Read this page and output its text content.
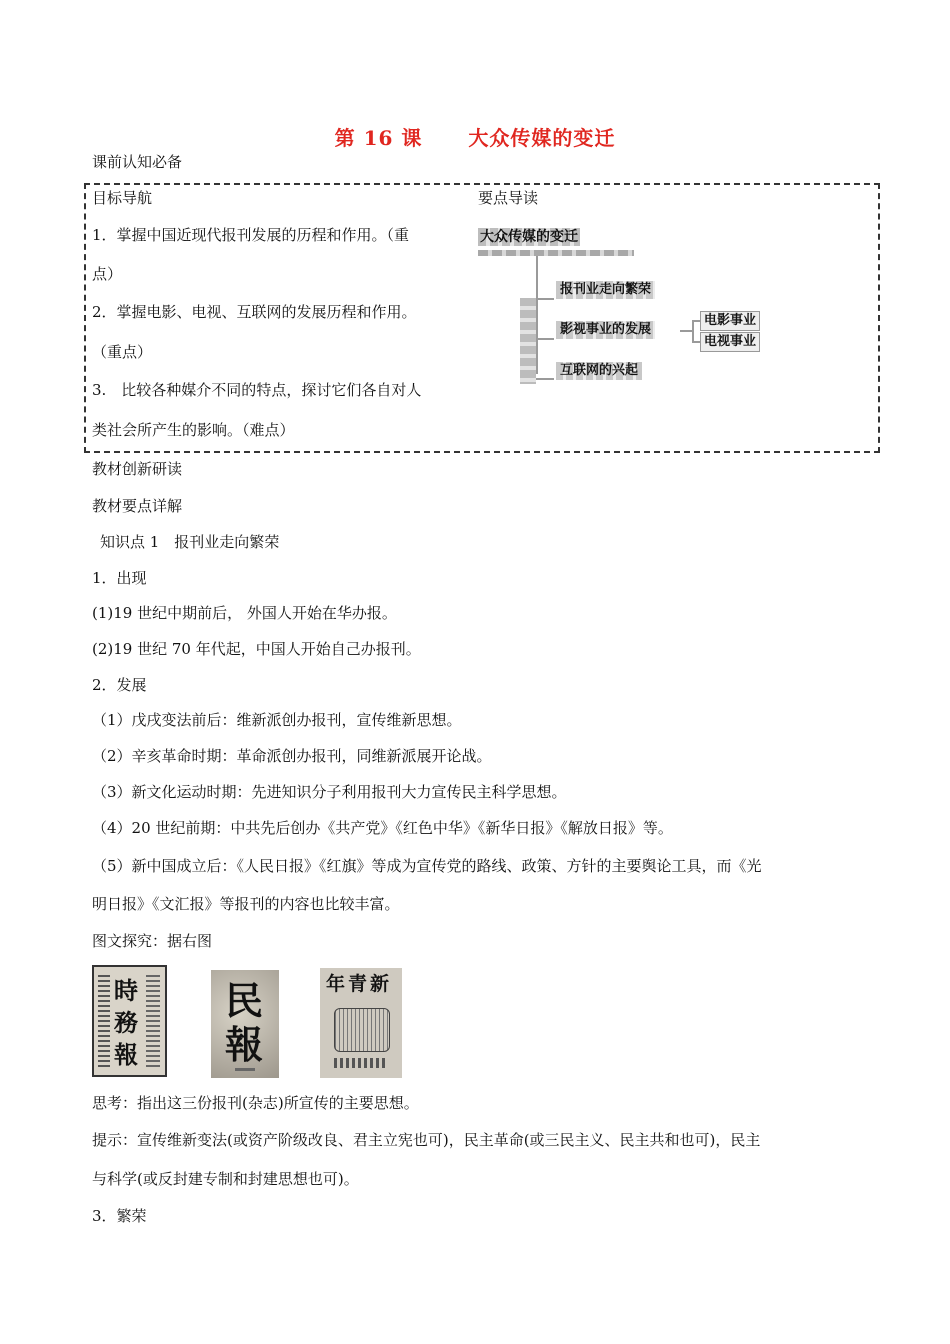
第 16 课 大众传媒的变迁
课前认知必备
目标导航	要点导读
1．掌握中国近现代报刊发展的历程和作用。（重
点）
2．掌握电影、电视、互联网的发展历程和作用。
（重点）
3.　比较各种媒介不同的特点，探讨它们各自对人
类社会所产生的影响。（难点）
大众传媒的变迁
报刊业走向繁荣
影视事业的发展
互联网的兴起
电影事业
电视事业
教材创新研读
教材要点详解
知识点 1　报刊业走向繁荣
1．出现
(1)19 世纪中期前后， 外国人开始在华办报。
(2)19 世纪 70 年代起，中国人开始自己办报刊。
2．发展
（1）戊戌变法前后：维新派创办报刊，宣传维新思想。
（2）辛亥革命时期：革命派创办报刊，同维新派展开论战。
（3）新文化运动时期：先进知识分子利用报刊大力宣传民主科学思想。
（4）20 世纪前期：中共先后创办《共产党》《红色中华》《新华日报》《解放日报》等。
（5）新中国成立后：《人民日报》《红旗》等成为宣传党的路线、政策、方针的主要舆论工具，而《光
明日报》《文汇报》等报刊的内容也比较丰富。
图文探究：据右图
時
務
報
民
報
年青新
思考：指出这三份报刊(杂志)所宣传的主要思想。
提示：宣传维新变法(或资产阶级改良、君主立宪也可)，民主革命(或三民主义、民主共和也可)，民主
与科学(或反封建专制和封建思想也可)。
3．繁荣
